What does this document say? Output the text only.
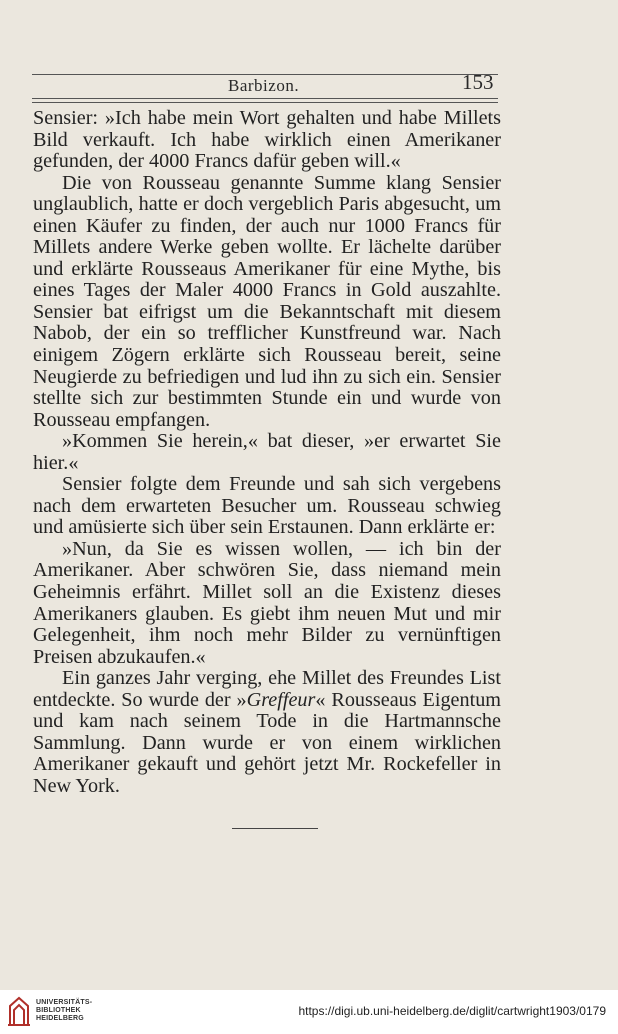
Barbizon.	153

Sensier: »Ich habe mein Wort gehalten und habe Millets Bild verkauft. Ich habe wirklich einen Amerikaner gefunden, der 4000 Francs dafür geben will.«

Die von Rousseau genannte Summe klang Sensier unglaublich, hatte er doch vergeblich Paris abgesucht, um einen Käufer zu finden, der auch nur 1000 Francs für Millets andere Werke geben wollte. Er lächelte darüber und erklärte Rousseaus Amerikaner für eine Mythe, bis eines Tages der Maler 4000 Francs in Gold auszahlte. Sensier bat eifrigst um die Bekanntschaft mit diesem Nabob, der ein so trefflicher Kunstfreund war. Nach einigem Zögern erklärte sich Rousseau bereit, seine Neugierde zu befriedigen und lud ihn zu sich ein. Sensier stellte sich zur bestimmten Stunde ein und wurde von Rousseau empfangen.

»Kommen Sie herein,« bat dieser, »er erwartet Sie hier.«

Sensier folgte dem Freunde und sah sich vergebens nach dem erwarteten Besucher um. Rousseau schwieg und amüsierte sich über sein Erstaunen. Dann erklärte er:

»Nun, da Sie es wissen wollen, — ich bin der Amerikaner. Aber schwören Sie, dass niemand mein Geheimnis erfährt. Millet soll an die Existenz dieses Amerikaners glauben. Es giebt ihm neuen Mut und mir Gelegenheit, ihm noch mehr Bilder zu vernünftigen Preisen abzukaufen.«

Ein ganzes Jahr verging, ehe Millet des Freundes List entdeckte. So wurde der »Greffeur« Rousseaus Eigentum und kam nach seinem Tode in die Hartmannsche Sammlung. Dann wurde er von einem wirklichen Amerikaner gekauft und gehört jetzt Mr. Rockefeller in New York.

UNIVERSITÄTS-
BIBLIOTHEK
HEIDELBERG
https://digi.ub.uni-heidelberg.de/diglit/cartwright1903/0179
